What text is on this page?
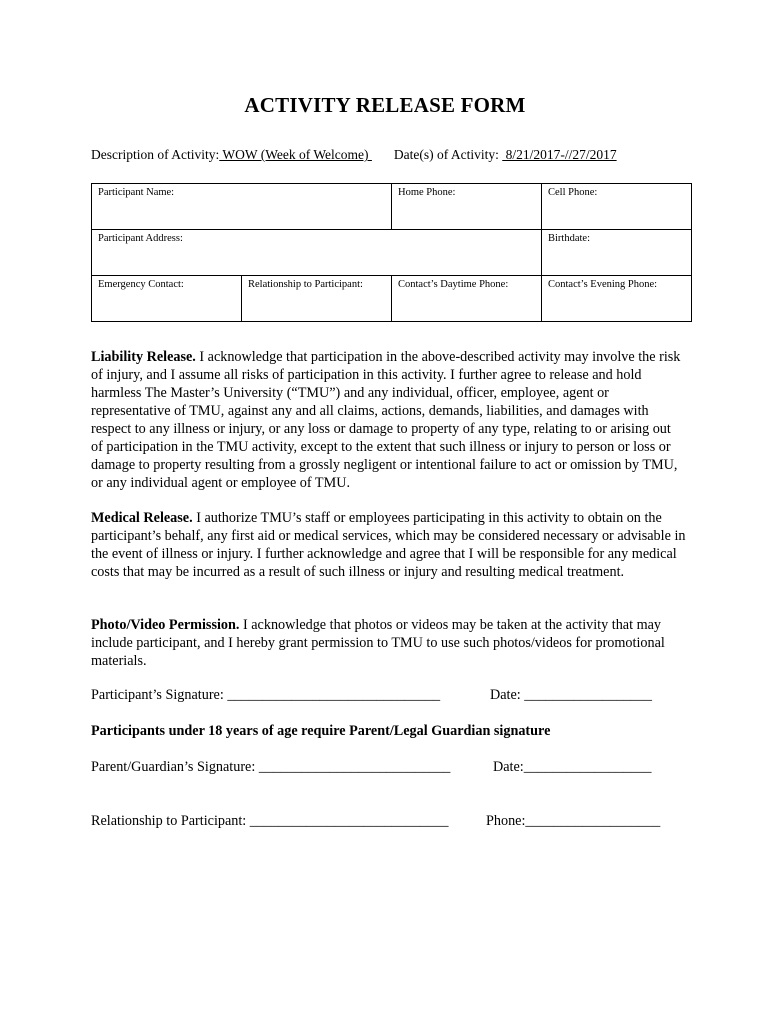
ACTIVITY RELEASE FORM
Description of Activity: WOW (Week of Welcome) Date(s) of Activity:  8/21/2017-//27/2017
Participant Name:		Home Phone:	Cell Phone:
Participant Address:			Birthdate:
Emergency Contact:	Relationship to Participant:	Contact’s Daytime Phone:	Contact’s Evening Phone:
Liability Release. I acknowledge that participation in the above-described activity may involve the risk of injury, and I assume all risks of participation in this activity. I further agree to release and hold harmless The Master’s University (“TMU”) and any individual, officer, employee, agent or representative of TMU, against any and all claims, actions, demands, liabilities, and damages with respect to any illness or injury, or any loss or damage to property of any type, relating to or arising out of participation in the TMU activity, except to the extent that such illness or injury to person or loss or damage to property resulting from a grossly negligent or intentional failure to act or omission by TMU, or any individual agent or employee of TMU.
Medical Release. I authorize TMU’s staff or employees participating in this activity to obtain on the participant’s behalf, any first aid or medical services, which may be considered necessary or advisable in the event of illness or injury. I further acknowledge and agree that I will be responsible for any medical costs that may be incurred as a result of such illness or injury and resulting medical treatment.
Photo/Video Permission. I acknowledge that photos or videos may be taken at the activity that may include participant, and I hereby grant permission to TMU to use such photos/videos for promotional materials.
Participant’s Signature: ______________________________	Date: __________________
Participants under 18 years of age require Parent/Legal Guardian signature
Parent/Guardian’s Signature: ___________________________	Date:__________________
Relationship to Participant: ____________________________	Phone:___________________
